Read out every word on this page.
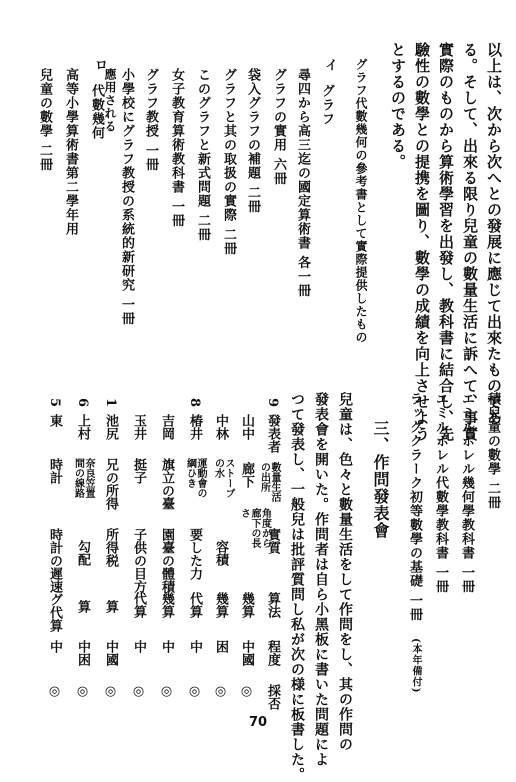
以上は、次から次へとの發展に應じて出來たものであ
る。そして、出來る限り兒童の數量生活に訴へて、事實
實際のものから算術學習を出發し、教科書に結合し、先
驗性の數學との提携を圖り、數學の成績を向上させよう
とするのである。
グラフ代數幾何の參考書として實際提供したもの
イ
グラフ
尋四から高三迄の國定算術書 各一冊
グラフの實用 六冊
袋入グラフの補題 二冊
グラフと其の取扱の實際 二冊
このグラフと新式問題 二冊
女子教育算術教科書 一冊
グラフ教授 一冊
小學校にグラフ教授の系統的新研究 一冊
應用される
ロ
代數幾何
高等小學算術書第二學年用
兒童の數學 二冊
積兒童の數學 二冊
エミルボレル幾何學教科書 一冊
エミルボレル代數學教科書 一冊
ラッグクラーク初等數學の基礎 一冊
(本年備付)
三、作問發表會
兒童は、色々と數量生活をして作問をし、其の作問の
發表會を開いた。作問者は自ら小黑板に書いた問題によ
つて發表し、一般兒は批評質問し私が次の様に板書した。
9
發表者
數量生活の出所
實質
算法
程度
採否
山中
廊下
角度から廊下の長さ
幾算
中國
◎
中林
ストーブの水
容積
幾算
困
◎
8
椿井
運動會の綱ひき
要した力
代算
中
◎
吉岡
旗立の臺
園臺の體積
幾算
中
◎
玉井
挺子
子供の目方
代算
中
◎
1
池尻
兄の所得
所得税
算
中國
◎
6
上村
奈良笠置間の線路
勾配
算
中困
◎
5
東
時計
時計の遲速グ代算
中
◎
70
